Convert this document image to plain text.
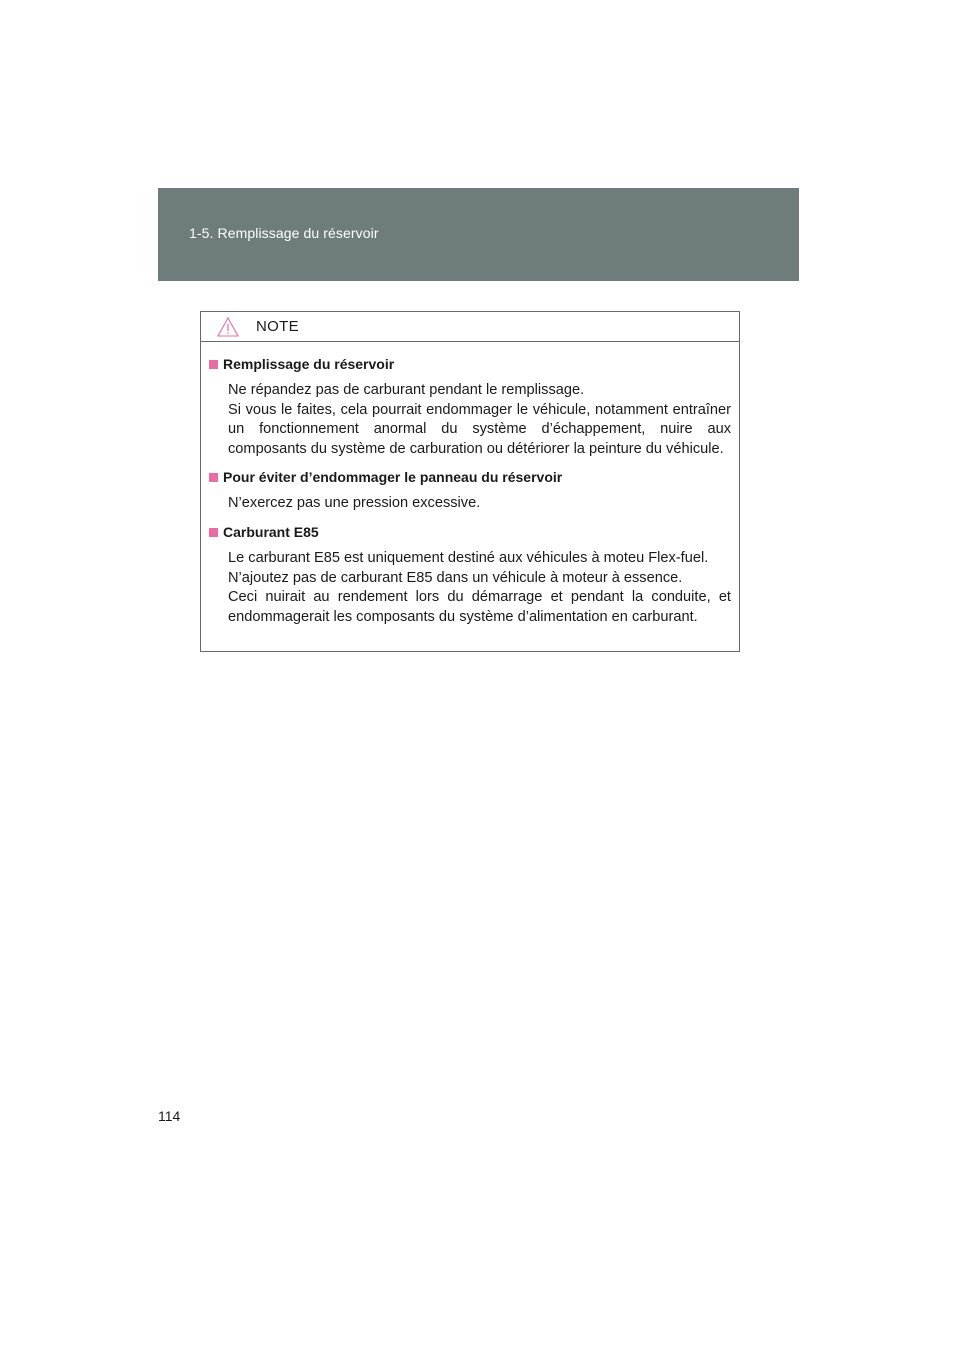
1-5. Remplissage du réservoir
NOTE
Remplissage du réservoir
Ne répandez pas de carburant pendant le remplissage.
Si vous le faites, cela pourrait endommager le véhicule, notamment entraîner un fonctionnement anormal du système d’échappement, nuire aux composants du système de carburation ou détériorer la peinture du véhicule.
Pour éviter d’endommager le panneau du réservoir
N’exercez pas une pression excessive.
Carburant E85
Le carburant E85 est uniquement destiné aux véhicules à moteu Flex-fuel.
N’ajoutez pas de carburant E85 dans un véhicule à moteur à essence.
Ceci nuirait au rendement lors du démarrage et pendant la conduite, et endommagerait les composants du système d’alimentation en carburant.
114
